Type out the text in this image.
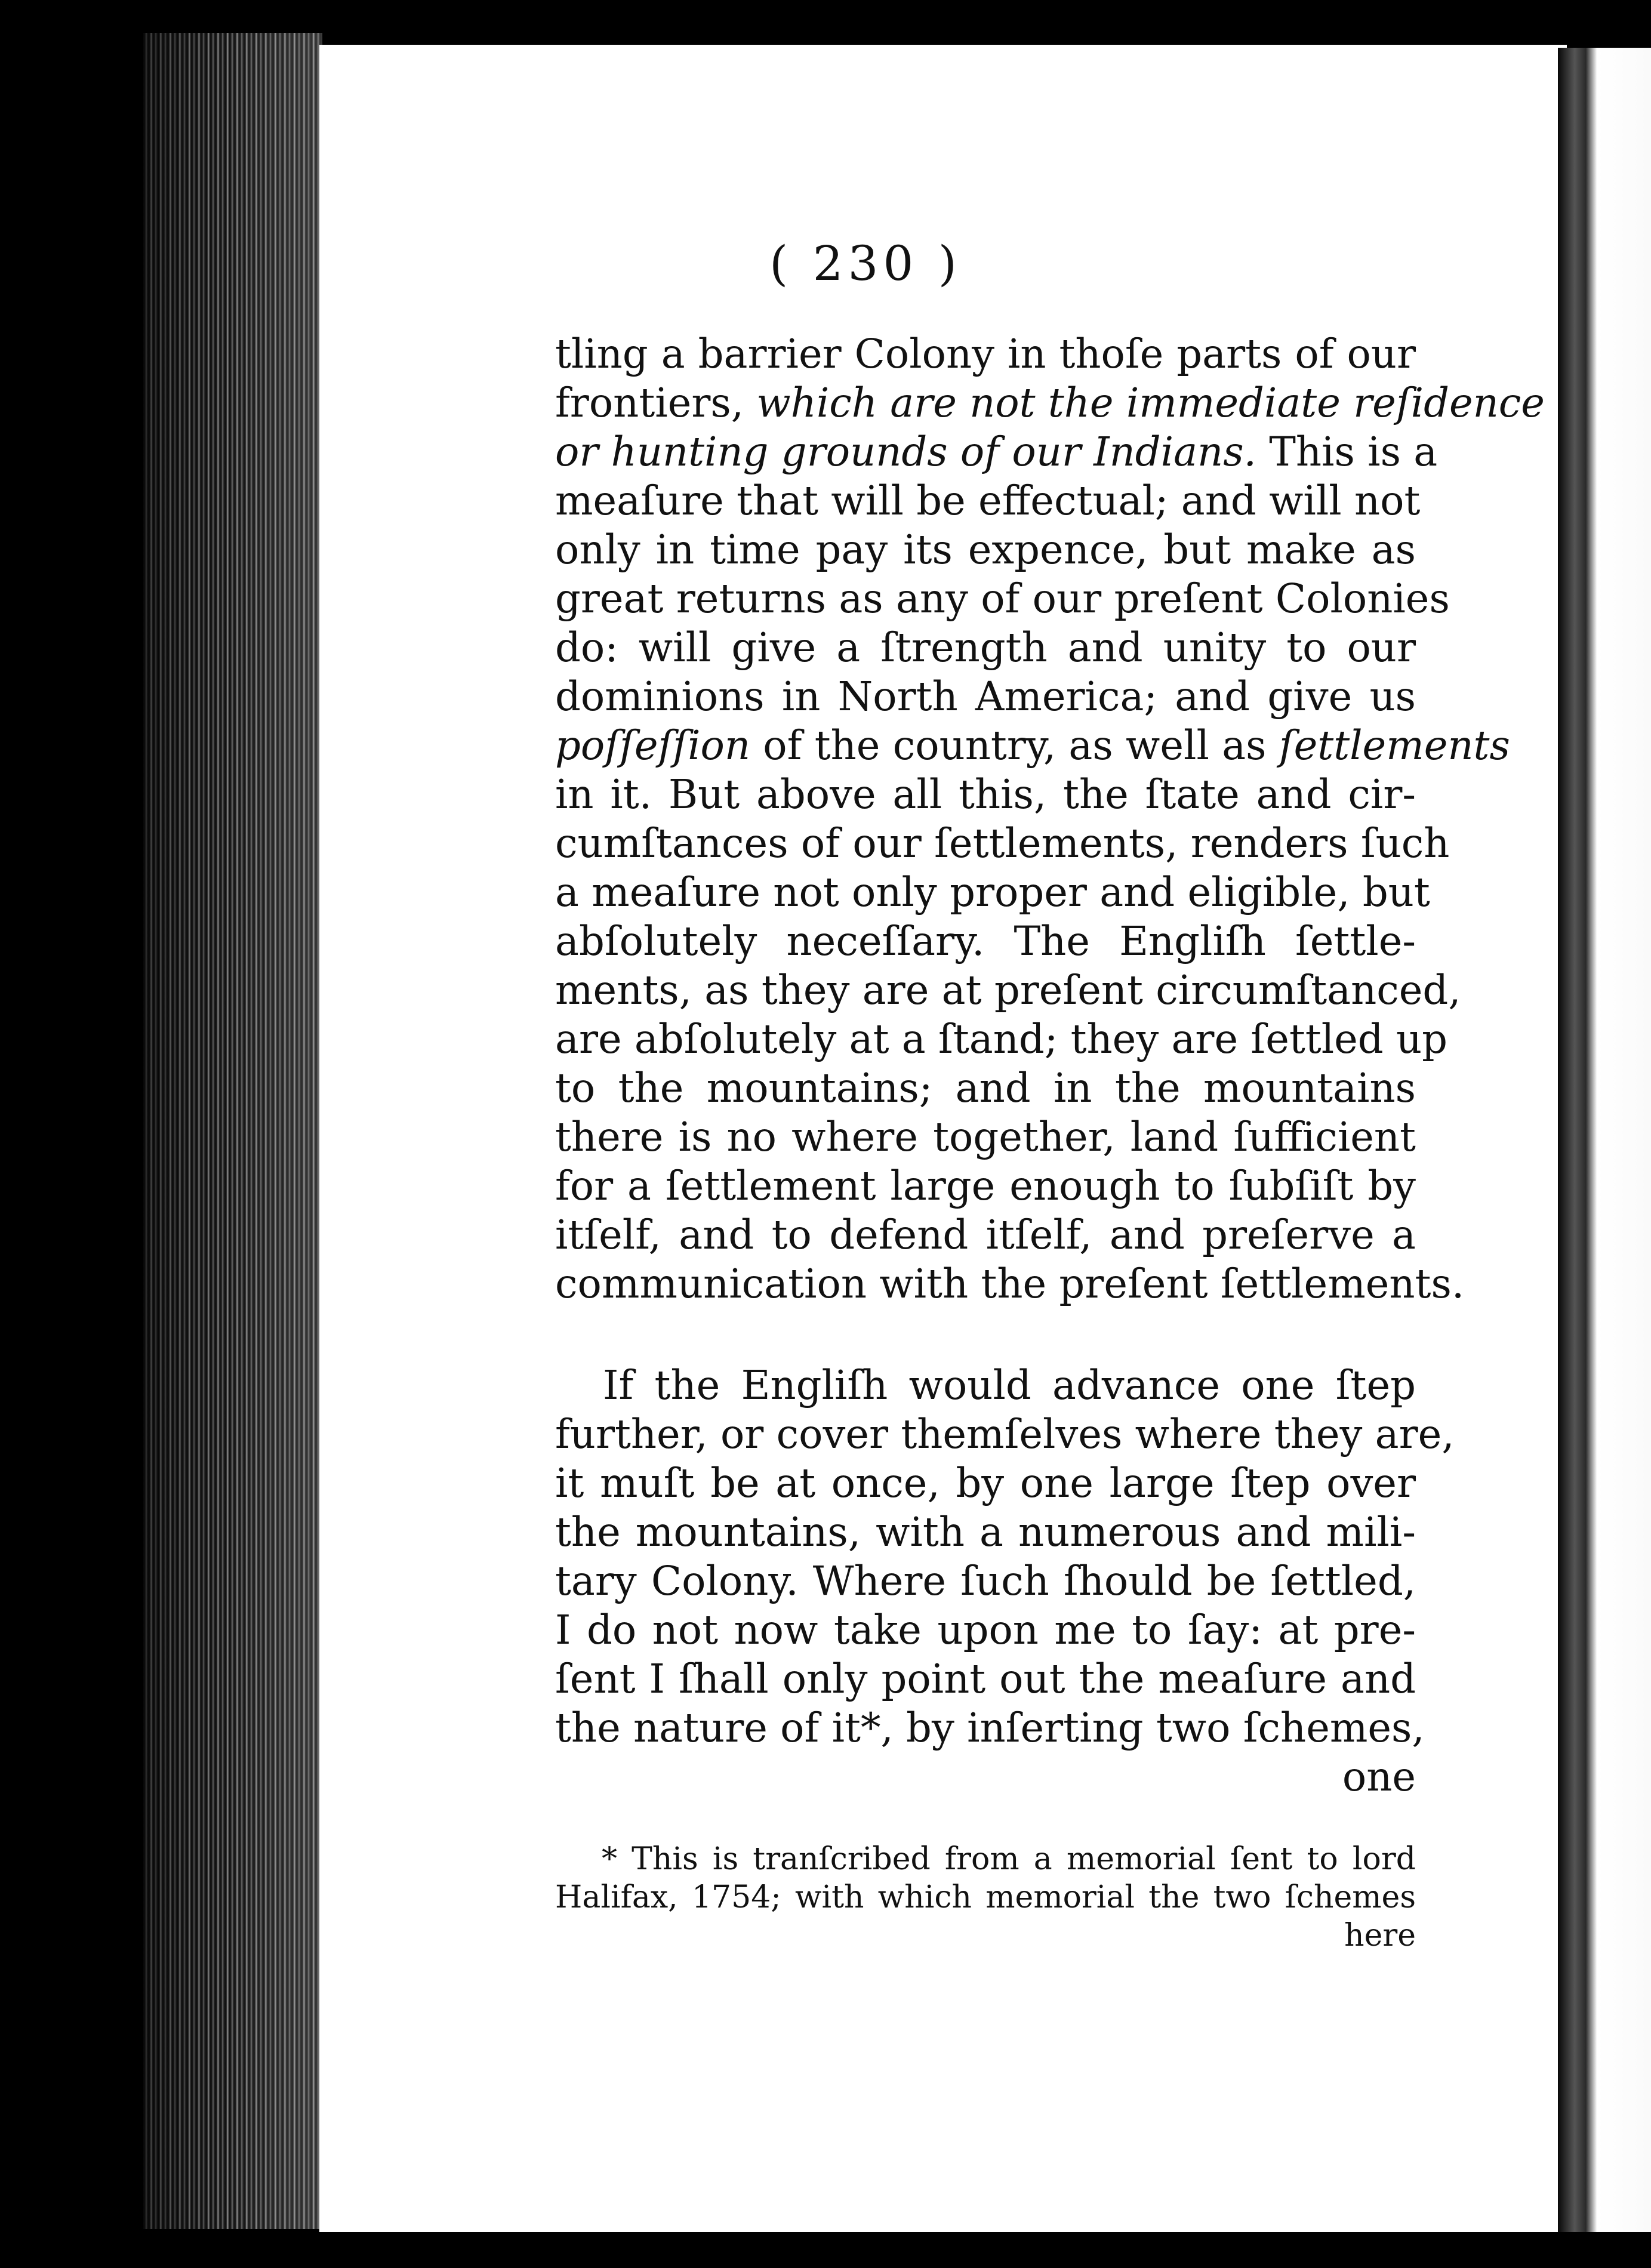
( 230 )
tling a barrier Colony in thoſe parts of our
frontiers, which are not the immediate reſidence
or hunting grounds of our Indians. This is a
meaſure that will be effectual; and will not
only in time pay its expence, but make as
great returns as any of our preſent Colonies
do: will give a ſtrength and unity to our
dominions in North America; and give us
poſſeſſion of the country, as well as ſettlements
in it. But above all this, the ſtate and cir-
cumſtances of our ſettlements, renders ſuch
a meaſure not only proper and eligible, but
abſolutely neceſſary. The Engliſh ſettle-
ments, as they are at preſent circumſtanced,
are abſolutely at a ſtand; they are ſettled up
to the mountains; and in the mountains
there is no where together, land ſufficient
for a ſettlement large enough to ſubſiſt by
itſelf, and to defend itſelf, and preſerve a
communication with the preſent ſettlements.
If the Engliſh would advance one ſtep
further, or cover themſelves where they are,
it muſt be at once, by one large ſtep over
the mountains, with a numerous and mili-
tary Colony. Where ſuch ſhould be ſettled,
I do not now take upon me to ſay: at pre-
ſent I ſhall only point out the meaſure and
the nature of it*, by inſerting two ſchemes,
one
* This is tranſcribed from a memorial ſent to lord
Halifax, 1754; with which memorial the two ſchemes
here
